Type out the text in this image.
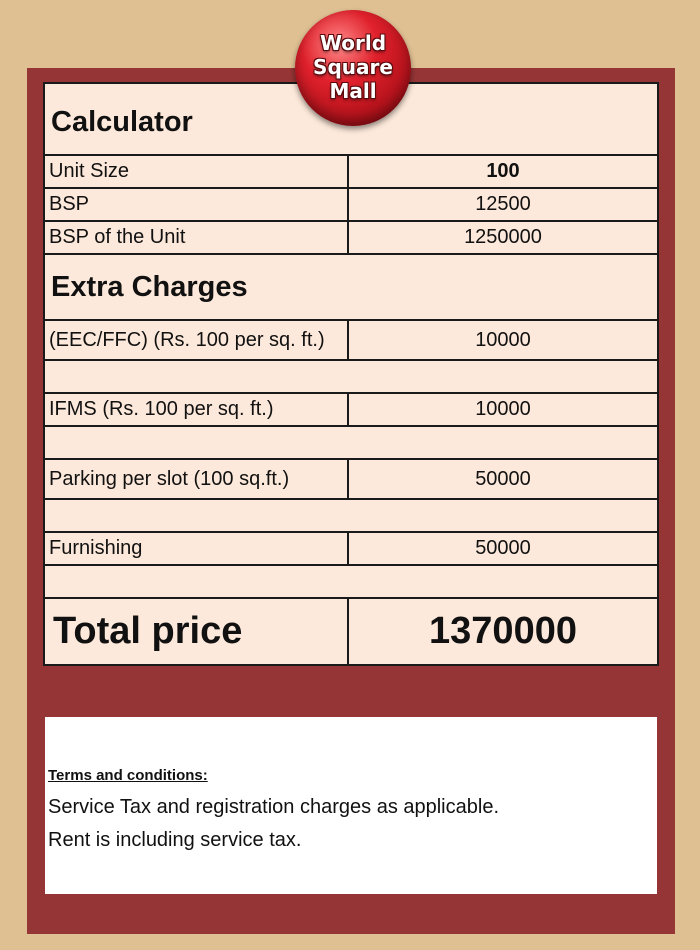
Calculator	
Unit Size	100
BSP	12500
BSP of the Unit	1250000
Extra Charges	
(EEC/FFC) (Rs. 100 per sq. ft.)	10000

IFMS (Rs. 100 per sq. ft.)	10000

Parking per slot (100 sq.ft.)	50000

Furnishing	50000

Total price	1370000
Terms and conditions:
Service Tax and registration charges as applicable.
Rent is including service tax.
World
Square
Mall
